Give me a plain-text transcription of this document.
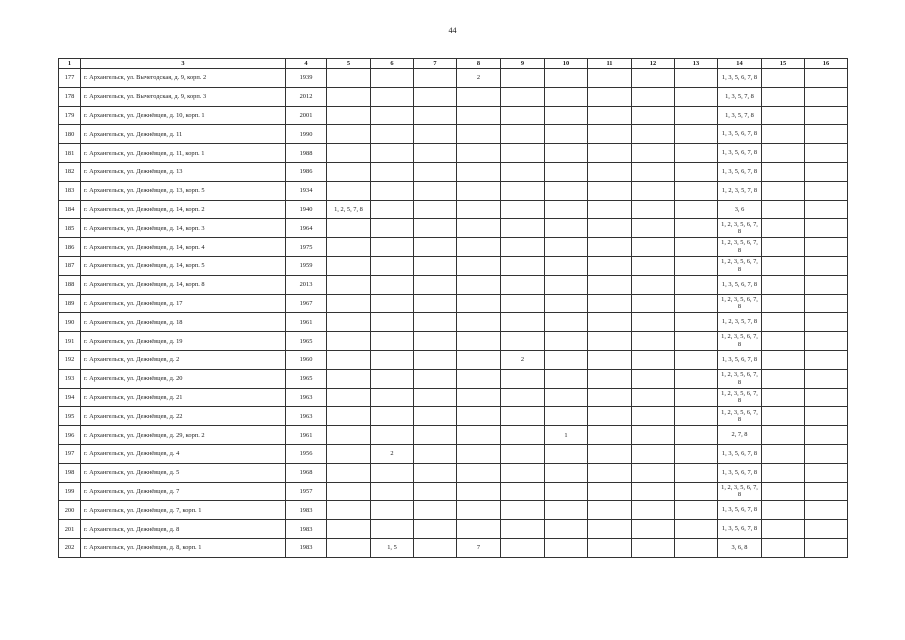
44
1	3	4	5	6	7	8	9	10	11	12	13	14	15	16
177	г. Архангельск, ул. Вычегодская, д. 9, корп. 2	1939				2						1, 3, 5, 6, 7, 8		
178	г. Архангельск, ул. Вычегодская, д. 9, корп. 3	2012										1, 3, 5, 7, 8		
179	г. Архангельск, ул. Дежнёвцев, д. 10, корп. 1	2001										1, 3, 5, 7, 8		
180	г. Архангельск, ул. Дежнёвцев, д. 11	1990										1, 3, 5, 6, 7, 8		
181	г. Архангельск, ул. Дежнёвцев, д. 11, корп. 1	1988										1, 3, 5, 6, 7, 8		
182	г. Архангельск, ул. Дежнёвцев, д. 13	1986										1, 3, 5, 6, 7, 8		
183	г. Архангельск, ул. Дежнёвцев, д. 13, корп. 5	1934										1, 2, 3, 5, 7, 8		
184	г. Архангельск, ул. Дежнёвцев, д. 14, корп. 2	1940	1, 2, 5, 7, 8									3, 6		
185	г. Архангельск, ул. Дежнёвцев, д. 14, корп. 3	1964										1, 2, 3, 5, 6, 7, 8		
186	г. Архангельск, ул. Дежнёвцев, д. 14, корп. 4	1975										1, 2, 3, 5, 6, 7, 8		
187	г. Архангельск, ул. Дежнёвцев, д. 14, корп. 5	1959										1, 2, 3, 5, 6, 7, 8		
188	г. Архангельск, ул. Дежнёвцев, д. 14, корп. 8	2013										1, 3, 5, 6, 7, 8		
189	г. Архангельск, ул. Дежнёвцев, д. 17	1967										1, 2, 3, 5, 6, 7, 8		
190	г. Архангельск, ул. Дежнёвцев, д. 18	1961										1, 2, 3, 5, 7, 8		
191	г. Архангельск, ул. Дежнёвцев, д. 19	1965										1, 2, 3, 5, 6, 7, 8		
192	г. Архангельск, ул. Дежнёвцев, д. 2	1960					2					1, 3, 5, 6, 7, 8		
193	г. Архангельск, ул. Дежнёвцев, д. 20	1965										1, 2, 3, 5, 6, 7, 8		
194	г. Архангельск, ул. Дежнёвцев, д. 21	1963										1, 2, 3, 5, 6, 7, 8		
195	г. Архангельск, ул. Дежнёвцев, д. 22	1963										1, 2, 3, 5, 6, 7, 8		
196	г. Архангельск, ул. Дежнёвцев, д. 29, корп. 2	1961						1				2, 7, 8		
197	г. Архангельск, ул. Дежнёвцев, д. 4	1956		2								1, 3, 5, 6, 7, 8		
198	г. Архангельск, ул. Дежнёвцев, д. 5	1968										1, 3, 5, 6, 7, 8		
199	г. Архангельск, ул. Дежнёвцев, д. 7	1957										1, 2, 3, 5, 6, 7, 8		
200	г. Архангельск, ул. Дежнёвцев, д. 7, корп. 1	1983										1, 3, 5, 6, 7, 8		
201	г. Архангельск, ул. Дежнёвцев, д. 8	1983										1, 3, 5, 6, 7, 8		
202	г. Архангельск, ул. Дежнёвцев, д. 8, корп. 1	1983		1, 5		7						3, 6, 8		
